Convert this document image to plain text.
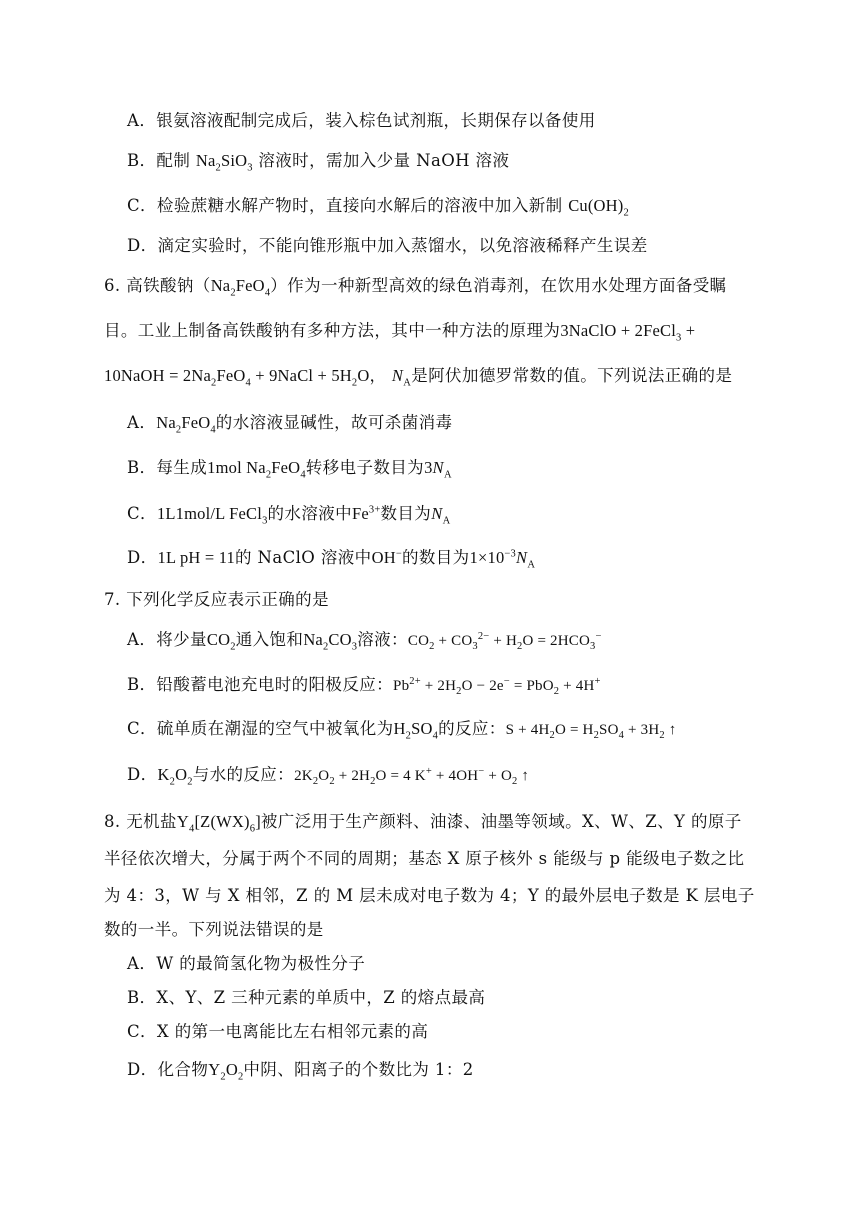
A．银氨溶液配制完成后，装入棕色试剂瓶，长期保存以备使用
B．配制 $Na_2SiO_3$ 溶液时，需加入少量 NaOH 溶液
C．检验蔗糖水解产物时，直接向水解后的溶液中加入新制 $Cu(OH)_2$
D．滴定实验时，不能向锥形瓶中加入蒸馏水，以免溶液稀释产生误差
6. 高铁酸钠$(Na_2FeO_4)$作为一种新型高效的绿色消毒剂，在饮用水处理方面备受瞩
目。工业上制备高铁酸钠有多种方法，其中一种方法的原理为3NaClO + 2FeCl$_3$ +
10NaOH = $2Na_2FeO_4$ + 9NaCl + $5H_2O$， $N_A$是阿伏加德罗常数的值。下列说法正确的是
A．$Na_2FeO_4$的水溶液显碱性，故可杀菌消毒
B．每生成1mol $Na_2FeO_4$转移电子数目为$3N_A$
C．1L1mol/L FeCl$_3$的水溶液中$Fe^{3+}$数目为$N_A$
D．1L pH = 11的 NaClO 溶液中OH−的数目为$1\times 10^{-3}N_A$
7. 下列化学反应表示正确的是
A．将少量$CO_2$通入饱和$Na_2CO_3$溶液：$CO_2 + CO_3^{2-} + H_2O = 2HCO_3^-$
B．铅酸蓄电池充电时的阳极反应：$Pb^{2+} + 2H_2O - 2e^- = PbO_2 + 4H^+$
C．硫单质在潮湿的空气中被氧化为$H_2SO_4$的反应：$S + 4H_2O = H_2SO_4 + 3H_2$ ↑
D．$K_2O_2$与水的反应：$2K_2O_2 + 2H_2O = 4$ $K^+ + 4OH^- + O_2$ ↑
8. 无机盐$Y_4[Z(WX)_6]$被广泛用于生产颜料、油漆、油墨等领域。X、W、Z、Y 的原子
半径依次增大，分属于两个不同的周期；基态 X 原子核外 s 能级与 p 能级电子数之比
为 4：3，W 与 X 相邻，Z 的 M 层未成对电子数为 4；Y 的最外层电子数是 K 层电子
数的一半。下列说法错误的是
A．W 的最简氢化物为极性分子
B．X、Y、Z 三种元素的单质中，Z 的熔点最高
C．X 的第一电离能比左右相邻元素的高
D．化合物$Y_2O_2$中阴、阳离子的个数比为 1：2
